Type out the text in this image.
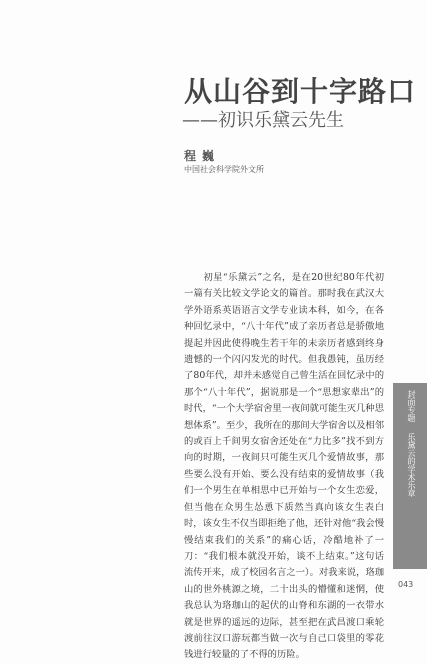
从山谷到十字路口
——初识乐黛云先生
程巍
中国社会科学院外文所
初星“乐黛云”之名，是在20世纪80年代初一篇有关比较文学论文的篇首。那时我在武汉大学外语系英语语言文学专业读本科，如今，在各种回忆录中，“八十年代”成了亲历者总是骄傲地提起并因此使得晚生若干年的未亲历者感到终身遗憾的一个闪闪发光的时代。但我愚钝，虽历经了80年代，却并未感觉自己曾生活在回忆录中的那个“八十年代”，据说那是一个“思想家辈出”的时代，“一个大学宿舍里一夜间就可能生灭几种思想体系”。至少，我所在的那间大学宿舍以及相邻的或百上千间男女宿舍还处在“力比多”找不到方向的时期，一夜间只可能生灭几个爱情故事，那些要么没有开始、要么没有结束的爱情故事（我们一个男生在单相思中已开始与一个女生恋爱，但当他在众男生怂恿下质然当真向该女生表白时，该女生不仅当即拒绝了他，还针对他“我会慢慢结束我们的关系”的痛心话，冷酷地补了一刀：“我们根本就没开始，谈不上结束。”这句话流传开来，成了校园名言之一）。对我来说，珞珈山的世外桃源之境，二十出头的懵懂和迷惘，使我总认为珞珈山的起伏的山脊和东湖的一衣带水就是世界的遥远的边际，甚至把在武昌渡口乘轮渡前往汉口游玩都当做一次与自己口袋里的零花钱进行较量的了不得的历险。
封面专题 乐黛云的学术乐章
043
